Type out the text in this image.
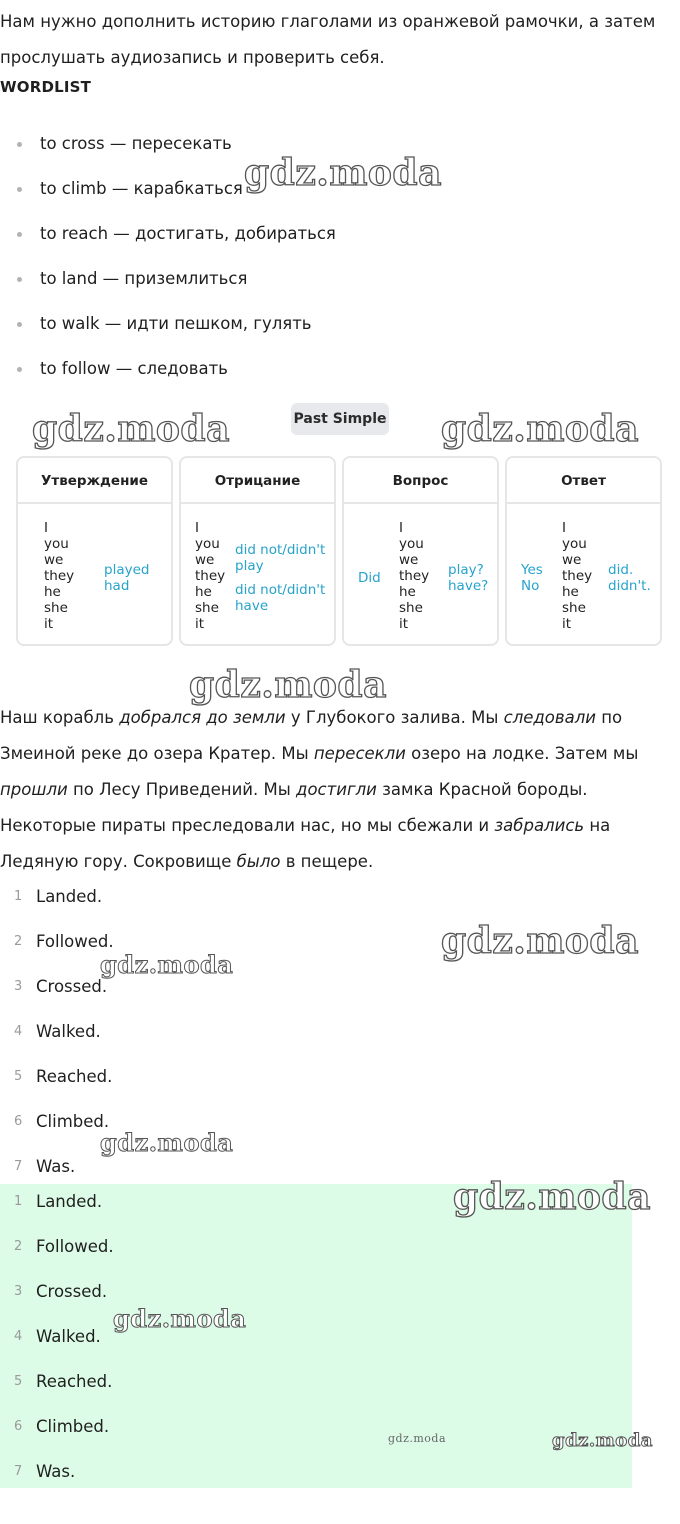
Нам нужно дополнить историю глаголами из оранжевой рамочки, а затем прослушать аудиозапись и проверить себя.
WORDLIST
to cross — пересекать
to climb — карабкаться
to reach — достигать, добираться
to land — приземлиться
to walk — идти пешком, гулять
to follow — следовать
Past Simple
Утверждение
I
you
we
they
he
she
it
played
had
Отрицание
I
you
we
they
he
she
it
did not/didn't
play
did not/didn't
have
Вопрос
Did
I
you
we
they
he
she
it
play?
have?
Ответ
Yes
No
I
you
we
they
he
she
it
did.
didn't.
Наш корабль добрался до земли у Глубокого залива. Мы следовали по Змеиной реке до озера Кратер. Мы пересекли озеро на лодке. Затем мы прошли по Лесу Приведений. Мы достигли замка Красной бороды. Некоторые пираты преследовали нас, но мы сбежали и забрались на Ледяную гору. Сокровище было в пещере.
1 Landed.
2 Followed.
3 Crossed.
4 Walked.
5 Reached.
6 Climbed.
7 Was.
1 Landed.
2 Followed.
3 Crossed.
4 Walked.
5 Reached.
6 Climbed.
7 Was.
gdz.moda
gdz.moda	gdz.moda
gdz.moda
gdz.moda
gdz.moda
gdz.moda
gdz.moda
gdz.moda
gdz.moda	gdz.moda
